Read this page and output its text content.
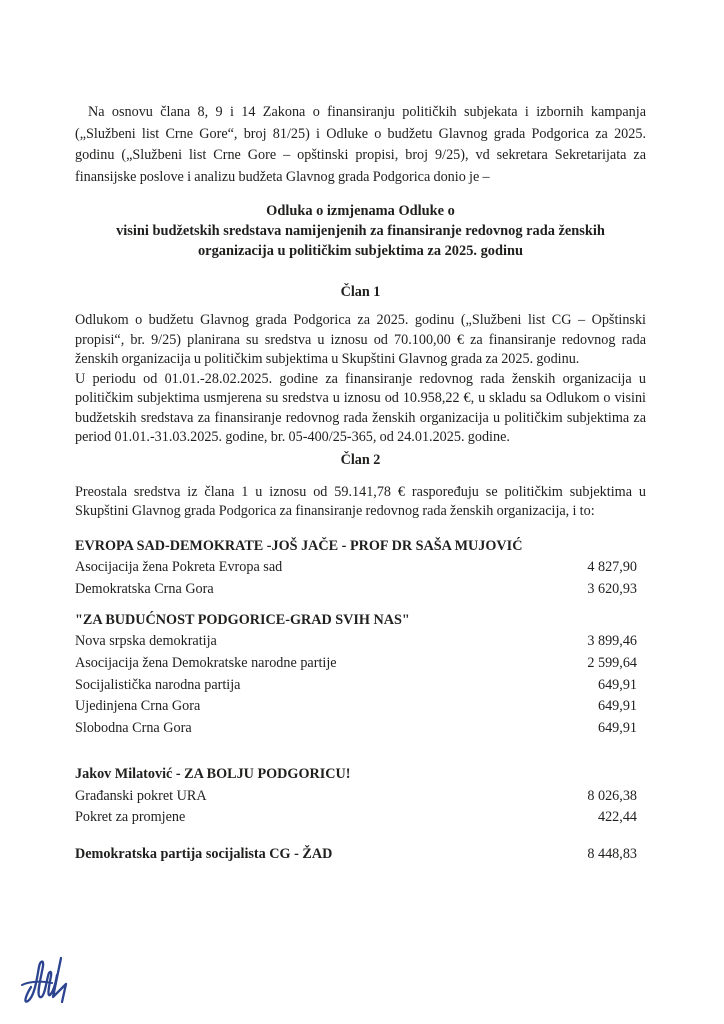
Na osnovu člana 8, 9 i 14 Zakona o finansiranju političkih subjekata i izbornih kampanja („Službeni list Crne Gore“, broj 81/25) i Odluke o budžetu Glavnog grada Podgorica za 2025. godinu („Službeni list Crne Gore – opštinski propisi, broj 9/25), vd sekretara Sekretarijata za finansijske poslove i analizu budžeta Glavnog grada Podgorica donio je –

Odluka o izmjenama Odluke o
visini budžetskih sredstava namijenjenih za finansiranje redovnog rada ženskih
organizacija u političkim subjektima za 2025. godinu
Član 1

Odlukom o budžetu Glavnog grada Podgorica za 2025. godinu („Službeni list CG – Opštinski propisi“, br. 9/25) planirana su sredstva u iznosu od 70.100,00 € za finansiranje redovnog rada ženskih organizacija u političkim subjektima u Skupštini Glavnog grada za 2025. godinu.

U periodu od 01.01.-28.02.2025. godine za finansiranje redovnog rada ženskih organizacija u političkim subjektima usmjerena su sredstva u iznosu od 10.958,22 €, u skladu sa Odlukom o visini budžetskih sredstava za finansiranje redovnog rada ženskih organizacija u političkim subjektima za period 01.01.-31.03.2025. godine, br. 05-400/25-365, od 24.01.2025. godine.

Član 2

Preostala sredstva iz člana 1 u iznosu od 59.141,78 € raspoređuju se političkim subjektima u Skupštini Glavnog grada Podgorica za finansiranje redovnog rada ženskih organizacija, i to:

EVROPA SAD-DEMOKRATE -JOŠ JAČE - PROF DR SAŠA MUJOVIĆ
Asocijacija žena Pokreta Evropa sad	4 827,90
Demokratska Crna Gora	3 620,93
"ZA BUDUĆNOST PODGORICE-GRAD SVIH NAS"
Nova srpska demokratija	3 899,46
Asocijacija žena Demokratske narodne partije	2 599,64
Socijalistička narodna partija	649,91
Ujedinjena Crna Gora	649,91
Slobodna Crna Gora	649,91
Jakov Milatović - ZA BOLJU PODGORICU!
Građanski pokret URA	8 026,38
Pokret za promjene	422,44
Demokratska partija socijalista CG - ŽAD	8 448,83
